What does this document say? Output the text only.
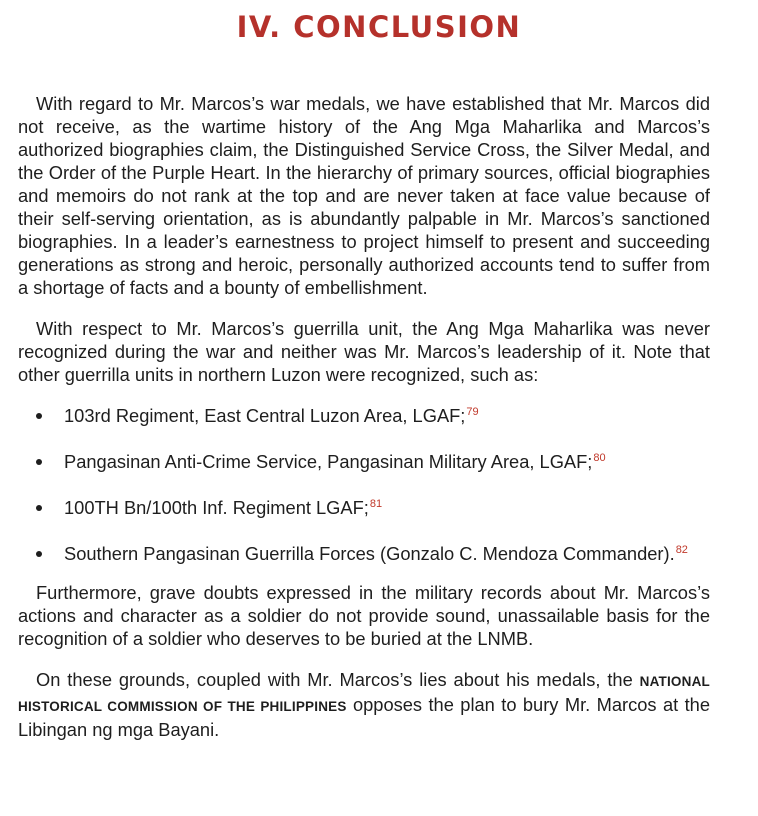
IV. CONCLUSION

With regard to Mr. Marcos’s war medals, we have established that Mr. Marcos did not receive, as the wartime history of the Ang Mga Maharlika and Marcos’s authorized biographies claim, the Distinguished Service Cross, the Silver Medal, and the Order of the Purple Heart. In the hierarchy of primary sources, official biographies and memoirs do not rank at the top and are never taken at face value because of their self-serving orientation, as is abundantly palpable in Mr. Marcos’s sanctioned biographies. In a leader’s earnestness to project himself to present and succeeding generations as strong and heroic, personally authorized accounts tend to suffer from a shortage of facts and a bounty of embellishment.

With respect to Mr. Marcos’s guerrilla unit, the Ang Mga Maharlika was never recognized during the war and neither was Mr. Marcos’s leadership of it. Note that other guerrilla units in northern Luzon were recognized, such as:

103rd Regiment, East Central Luzon Area, LGAF;$^{79}$
Pangasinan Anti-Crime Service, Pangasinan Military Area, LGAF;$^{80}$
100TH Bn/100th Inf. Regiment LGAF;$^{81}$
Southern Pangasinan Guerrilla Forces (Gonzalo C. Mendoza Commander).$^{82}$

Furthermore, grave doubts expressed in the military records about Mr. Marcos’s actions and character as a soldier do not provide sound, unassailable basis for the recognition of a soldier who deserves to be buried at the LNMB.

On these grounds, coupled with Mr. Marcos’s lies about his medals, the NATIONAL HISTORICAL COMMISSION OF THE PHILIPPINES opposes the plan to bury Mr. Marcos at the Libingan ng mga Bayani.
